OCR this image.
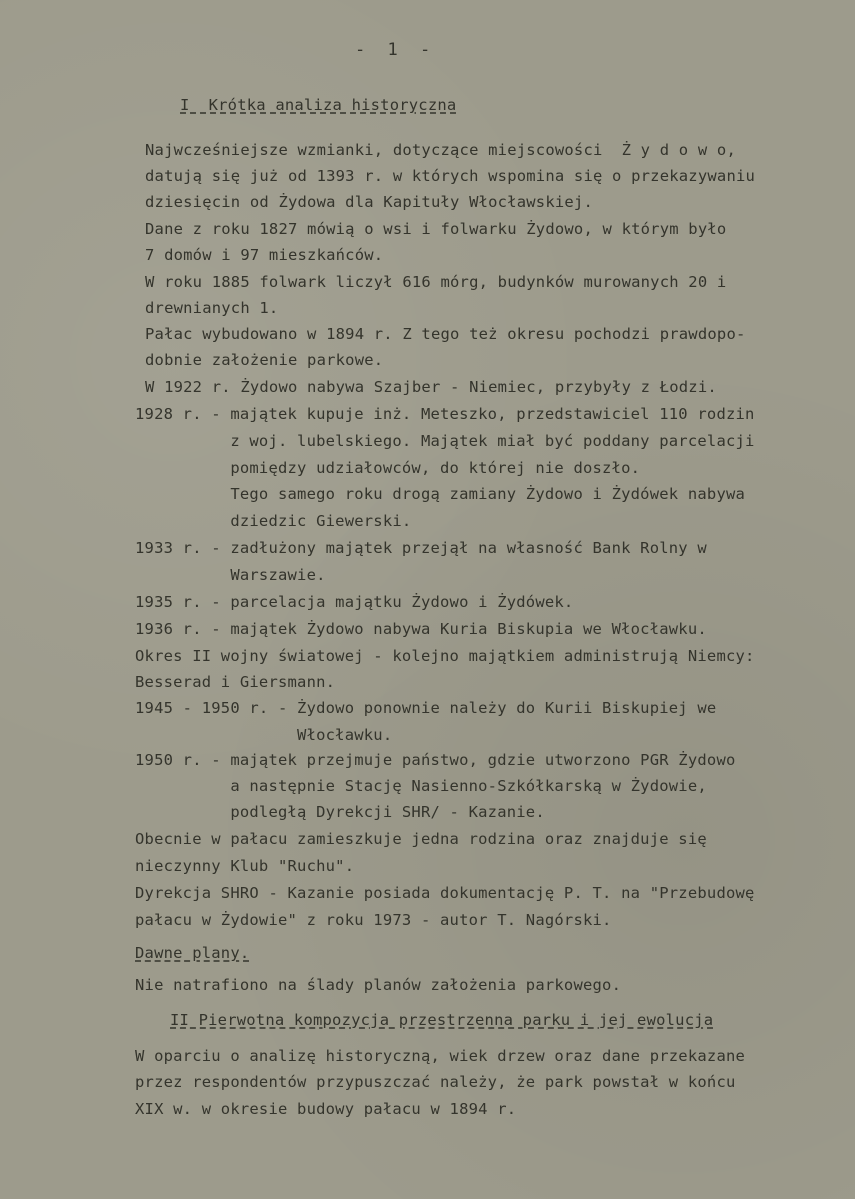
- 1 -
I  Krótka analiza historyczna
Najwcześniejsze wzmianki, dotyczące miejscowości  Ż y d o w o,
datują się już od 1393 r. w których wspomina się o przekazywaniu
dziesięcin od Żydowa dla Kapituły Włocławskiej.
Dane z roku 1827 mówią o wsi i folwarku Żydowo, w którym było
7 domów i 97 mieszkańców.
W roku 1885 folwark liczył 616 mórg, budynków murowanych 20 i
drewnianych 1.
Pałac wybudowano w 1894 r. Z tego też okresu pochodzi prawdopo-
dobnie założenie parkowe.
W 1922 r. Żydowo nabywa Szajber - Niemiec, przybyły z Łodzi.
1928 r. - majątek kupuje inż. Meteszko, przedstawiciel 110 rodzin
z woj. lubelskiego. Majątek miał być poddany parcelacji
pomiędzy udziałowców, do której nie doszło.
Tego samego roku drogą zamiany Żydowo i Żydówek nabywa
dziedzic Giewerski.
1933 r. - zadłużony majątek przejął na własność Bank Rolny w
Warszawie.
1935 r. - parcelacja majątku Żydowo i Żydówek.
1936 r. - majątek Żydowo nabywa Kuria Biskupia we Włocławku.
Okres II wojny światowej - kolejno majątkiem administrują Niemcy:
Besserad i Giersmann.
1945 - 1950 r. - Żydowo ponownie należy do Kurii Biskupiej we
Włocławku.
1950 r. - majątek przejmuje państwo, gdzie utworzono PGR Żydowo
a następnie Stację Nasienno-Szkółkarską w Żydowie,
podległą Dyrekcji SHR/ - Kazanie.
Obecnie w pałacu zamieszkuje jedna rodzina oraz znajduje się
nieczynny Klub "Ruchu".
Dyrekcja SHRO - Kazanie posiada dokumentację P. T. na "Przebudowę
pałacu w Żydowie" z roku 1973 - autor T. Nagórski.
Dawne plany.
Nie natrafiono na ślady planów założenia parkowego.
II Pierwotna kompozycja przestrzenna parku i jej ewolucja
W oparciu o analizę historyczną, wiek drzew oraz dane przekazane
przez respondentów przypuszczać należy, że park powstał w końcu
XIX w. w okresie budowy pałacu w 1894 r.
